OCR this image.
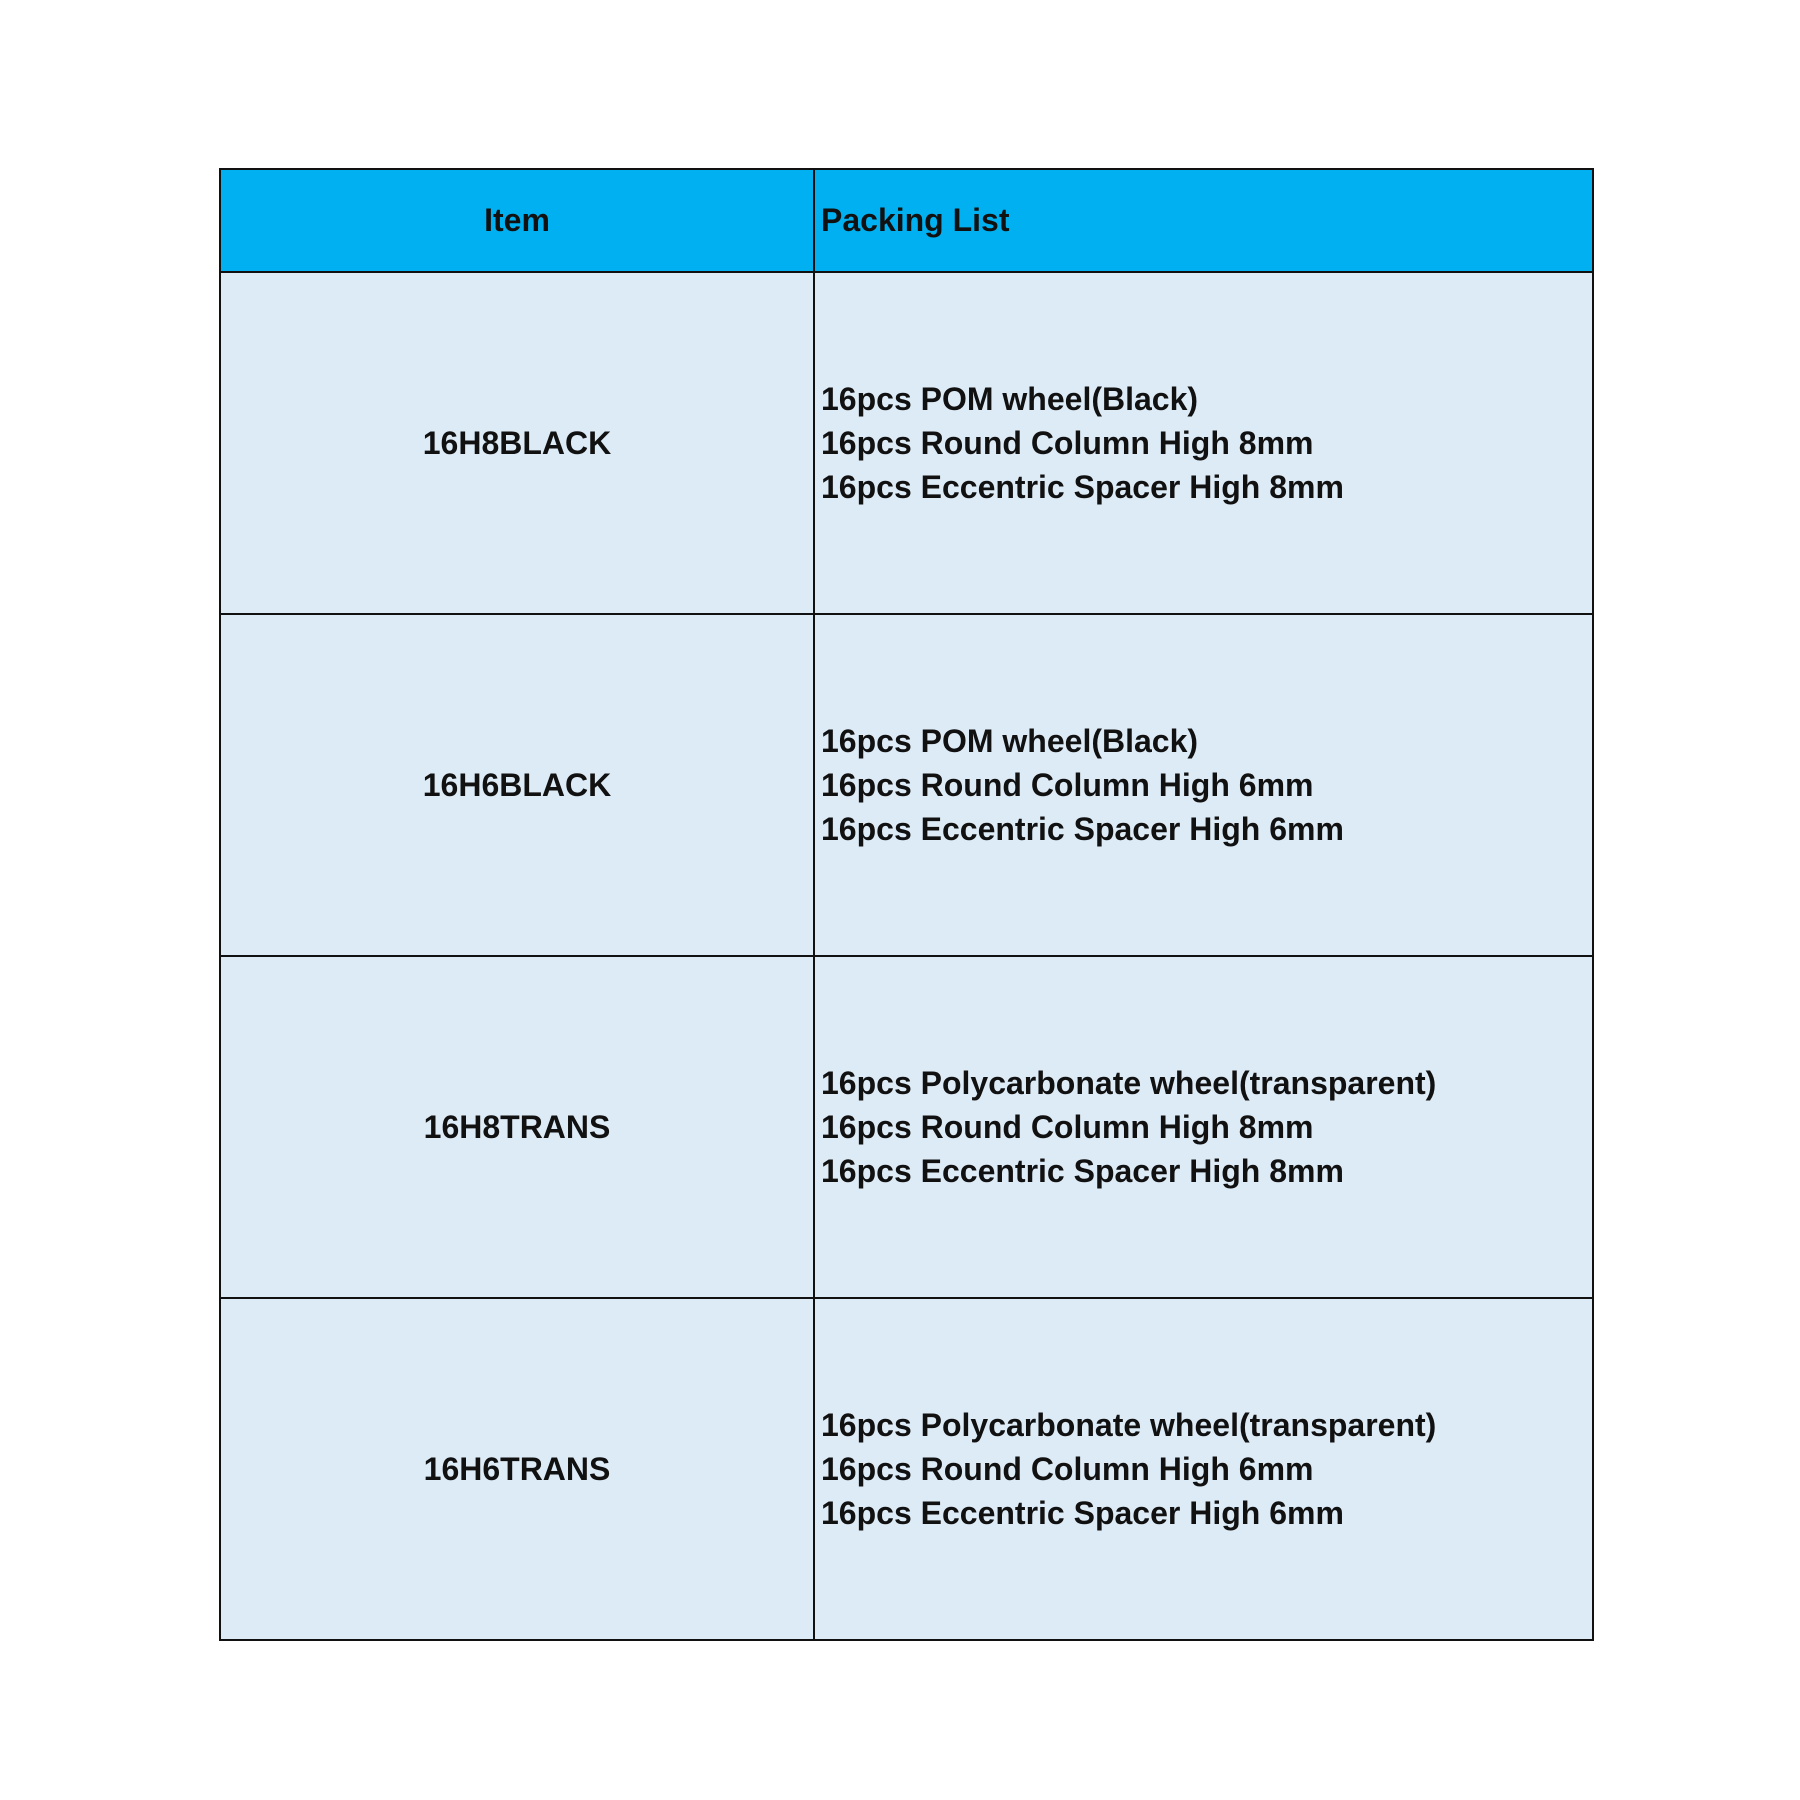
Item	Packing List
16H8BLACK	16pcs POM wheel(Black)
16pcs Round Column High 8mm
16pcs Eccentric Spacer High 8mm

16H6BLACK	16pcs POM wheel(Black)
16pcs Round Column High 6mm
16pcs Eccentric Spacer High 6mm

16H8TRANS	16pcs Polycarbonate wheel(transparent)
16pcs Round Column High 8mm
16pcs Eccentric Spacer High 8mm

16H6TRANS	16pcs Polycarbonate wheel(transparent)
16pcs Round Column High 6mm
16pcs Eccentric Spacer High 6mm
